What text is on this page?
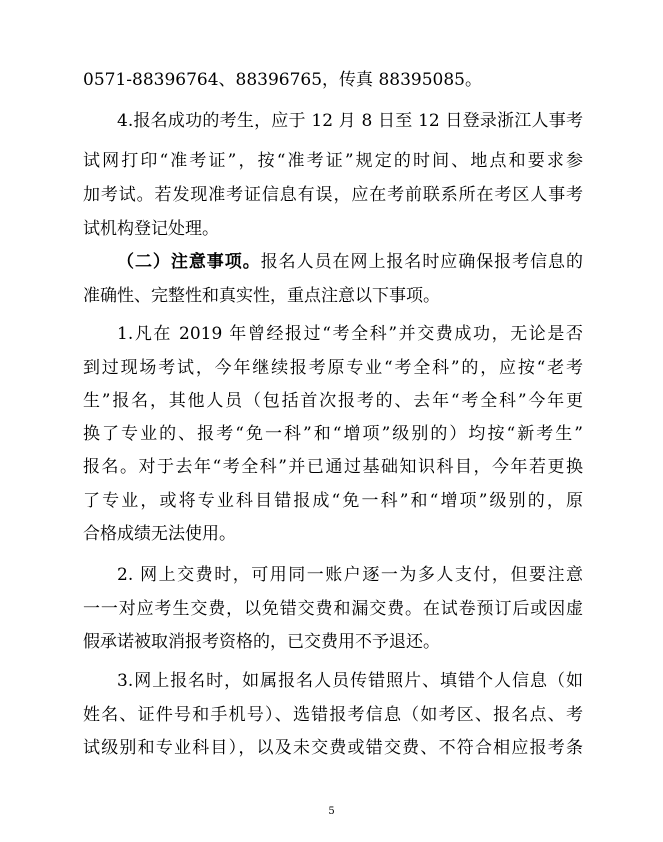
0571-88396764、88396765，传真 88395085。
4.报名成功的考生，应于 12 月 8 日至 12 日登录浙江人事考
试网打印“准考证”，按“准考证”规定的时间、地点和要求参
加考试。若发现准考证信息有误，应在考前联系所在考区人事考
试机构登记处理。
（二）注意事项。报名人员在网上报名时应确保报考信息的
准确性、完整性和真实性，重点注意以下事项。
1.凡在 2019 年曾经报过“考全科”并交费成功，无论是否
到过现场考试，今年继续报考原专业“考全科”的，应按“老考
生”报名，其他人员（包括首次报考的、去年“考全科”今年更
换了专业的、报考“免一科”和“增项”级别的）均按“新考生”
报名。对于去年“考全科”并已通过基础知识科目，今年若更换
了专业，或将专业科目错报成“免一科”和“增项”级别的，原
合格成绩无法使用。
2. 网上交费时，可用同一账户逐一为多人支付，但要注意
一一对应考生交费，以免错交费和漏交费。在试卷预订后或因虚
假承诺被取消报考资格的，已交费用不予退还。
3.网上报名时，如属报名人员传错照片、填错个人信息（如
姓名、证件号和手机号）、选错报考信息（如考区、报名点、考
试级别和专业科目），以及未交费或错交费、不符合相应报考条
5
